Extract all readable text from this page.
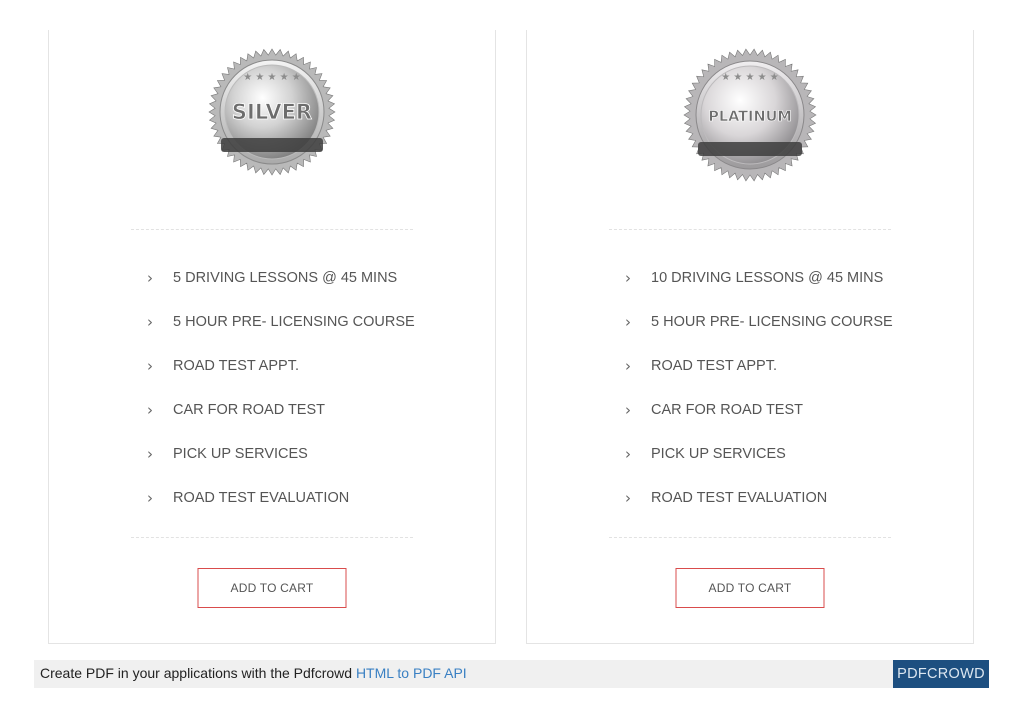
SILVER
★ ★ ★ ★ ★
›	5 DRIVING LESSONS @ 45 MINS
›	5 HOUR PRE- LICENSING COURSE
›	ROAD TEST APPT.
›	CAR FOR ROAD TEST
›	PICK UP SERVICES
›	ROAD TEST EVALUATION
ADD TO CART
PLATINUM
★ ★ ★ ★ ★
›	10 DRIVING LESSONS @ 45 MINS
›	5 HOUR PRE- LICENSING COURSE
›	ROAD TEST APPT.
›	CAR FOR ROAD TEST
›	PICK UP SERVICES
›	ROAD TEST EVALUATION
ADD TO CART
Create PDF in your applications with the Pdfcrowd HTML to PDF API	PDFCROWD
